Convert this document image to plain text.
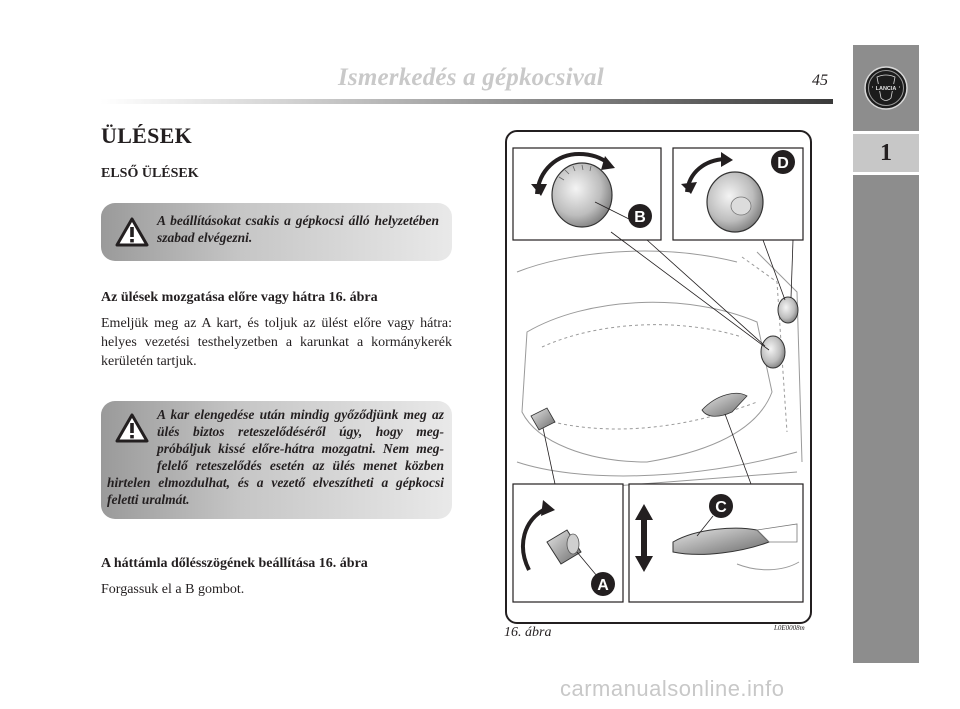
Ismerkedés a gépkocsival	45	LANCIA
1
ÜLÉSEK
ELSŐ ÜLÉSEK
A beállításokat csakis a gépkocsi álló helyzetében szabad elvégezni.
Az ülések mozgatása előre vagy hátra 16. ábra
Emeljük meg az A kart, és toljuk az ülést előre vagy hátra: helyes vezetési testhelyzetben a karunkat a kormánykerék kerületén tartjuk.
A kar elengedése után mindig győződjünk meg az ülés biztos reteszelődéséről úgy, hogy meg-próbáljuk kissé előre-hátra mozgatni. Nem meg-felelő reteszelődés esetén az ülés menet közben hirtelen elmozdulhat, és a vezető elveszítheti a gépkocsi feletti uralmát.
A háttámla dőlésszögének beállítása 16. ábra
Forgassuk el a B gombot.
B
D
A
C
16. ábra	L0E0008m
carmanualsonline.info
